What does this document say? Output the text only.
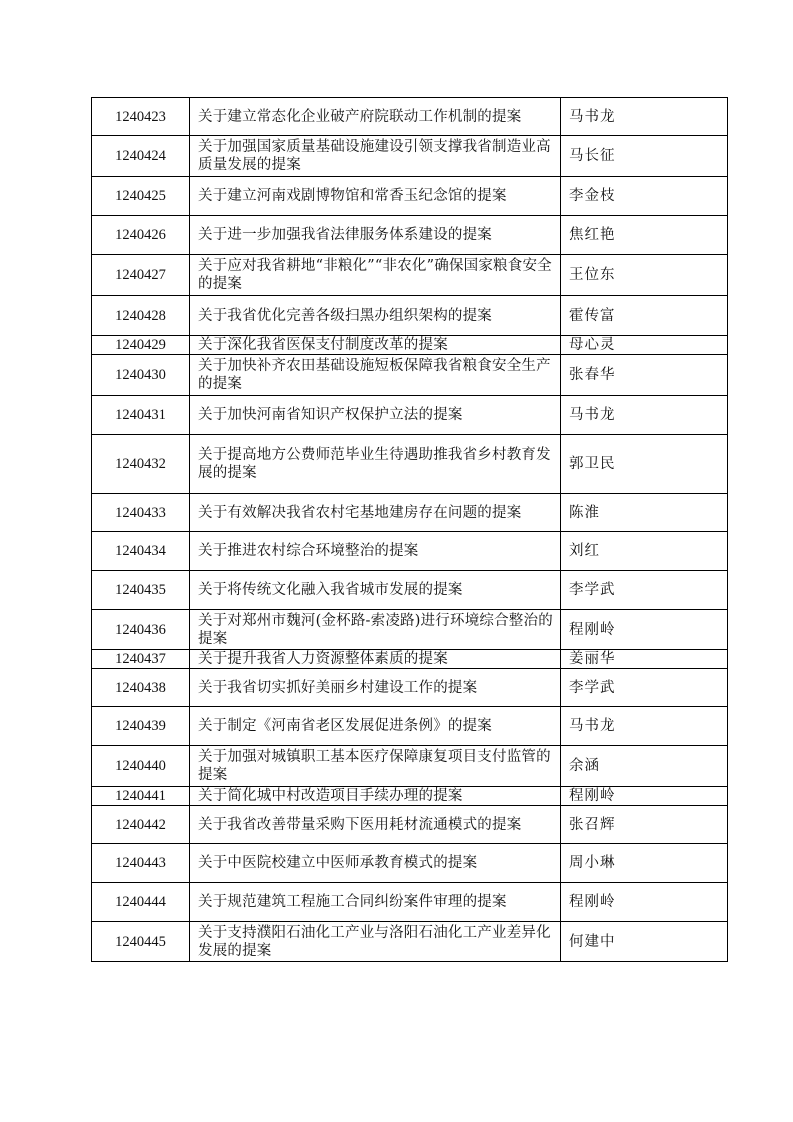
1240423	关于建立常态化企业破产府院联动工作机制的提案	马书龙
1240424	关于加强国家质量基础设施建设引领支撑我省制造业高质量发展的提案	马长征
1240425	关于建立河南戏剧博物馆和常香玉纪念馆的提案	李金枝
1240426	关于进一步加强我省法律服务体系建设的提案	焦红艳
1240427	关于应对我省耕地“非粮化”“非农化”确保国家粮食安全的提案	王位东
1240428	关于我省优化完善各级扫黑办组织架构的提案	霍传富
1240429	关于深化我省医保支付制度改革的提案	母心灵
1240430	关于加快补齐农田基础设施短板保障我省粮食安全生产的提案	张春华
1240431	关于加快河南省知识产权保护立法的提案	马书龙
1240432	关于提高地方公费师范毕业生待遇助推我省乡村教育发展的提案	郭卫民
1240433	关于有效解决我省农村宅基地建房存在问题的提案	陈淮
1240434	关于推进农村综合环境整治的提案	刘红
1240435	关于将传统文化融入我省城市发展的提案	李学武
1240436	关于对郑州市魏河(金杯路-索凌路)进行环境综合整治的提案	程刚岭
1240437	关于提升我省人力资源整体素质的提案	姜丽华
1240438	关于我省切实抓好美丽乡村建设工作的提案	李学武
1240439	关于制定《河南省老区发展促进条例》的提案	马书龙
1240440	关于加强对城镇职工基本医疗保障康复项目支付监管的提案	余涵
1240441	关于简化城中村改造项目手续办理的提案	程刚岭
1240442	关于我省改善带量采购下医用耗材流通模式的提案	张召辉
1240443	关于中医院校建立中医师承教育模式的提案	周小琳
1240444	关于规范建筑工程施工合同纠纷案件审理的提案	程刚岭
1240445	关于支持濮阳石油化工产业与洛阳石油化工产业差异化发展的提案	何建中
